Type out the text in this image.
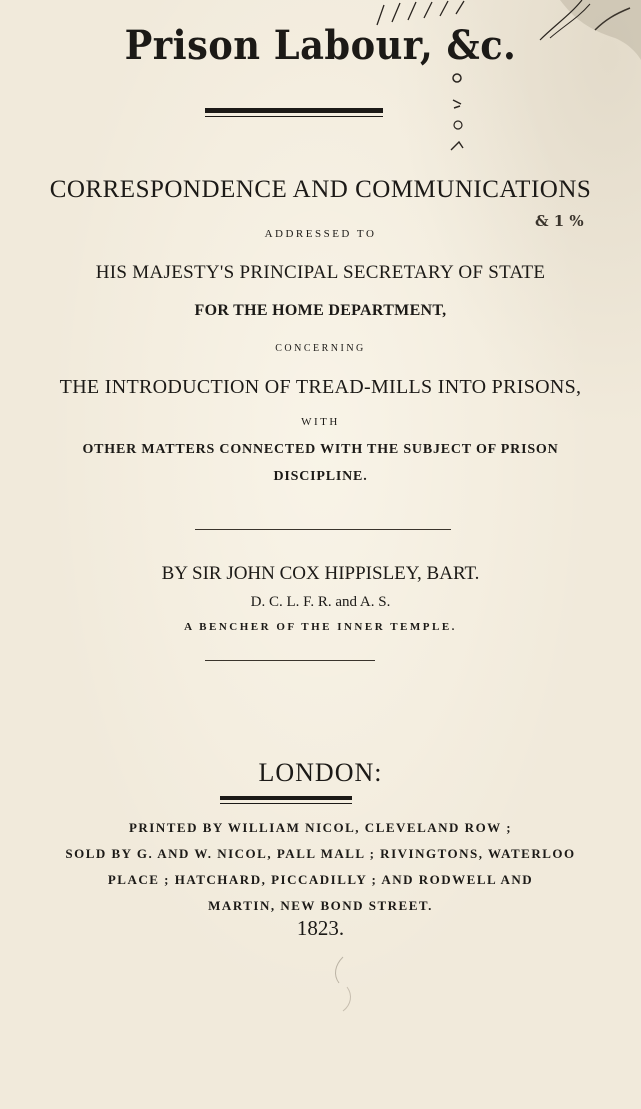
Prison Labour, &c.
CORRESPONDENCE AND COMMUNICATIONS
& 1 %
ADDRESSED TO
HIS MAJESTY'S PRINCIPAL SECRETARY OF STATE
FOR THE HOME DEPARTMENT,
CONCERNING
THE INTRODUCTION OF TREAD-MILLS INTO PRISONS,
WITH
OTHER MATTERS CONNECTED WITH THE SUBJECT OF PRISON
DISCIPLINE.
BY SIR JOHN COX HIPPISLEY, BART.
D. C. L. F. R. and A. S.
A BENCHER OF THE INNER TEMPLE.
LONDON:
PRINTED BY WILLIAM NICOL, CLEVELAND ROW ;
SOLD BY G. AND W. NICOL, PALL MALL ; RIVINGTONS, WATERLOO
PLACE ; HATCHARD, PICCADILLY ; AND RODWELL AND
MARTIN, NEW BOND STREET.
1823.
